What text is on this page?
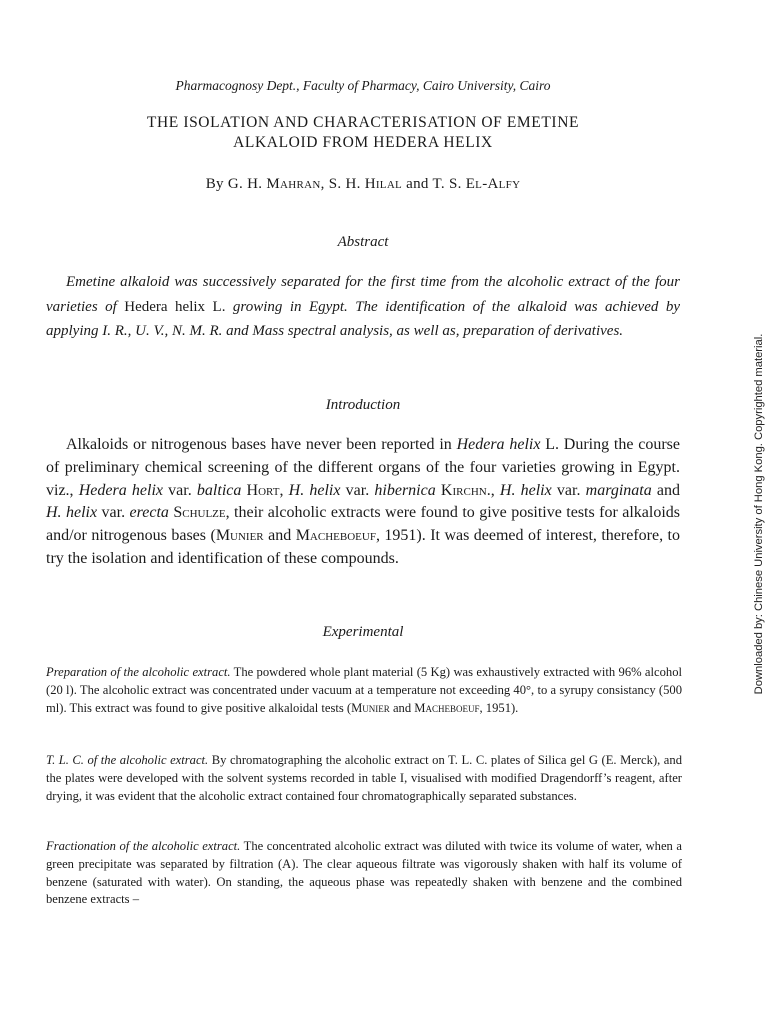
Pharmacognosy Dept., Faculty of Pharmacy, Cairo University, Cairo
THE ISOLATION AND CHARACTERISATION OF EMETINE
ALKALOID FROM HEDERA HELIX
By G. H. Mahran, S. H. Hilal and T. S. El-Alfy
Abstract

Emetine alkaloid was successively separated for the first time from the alcoholic extract of the four varieties of Hedera helix L. growing in Egypt. The identification of the alkaloid was achieved by applying I. R., U. V., N. M. R. and Mass spectral analysis, as well as, preparation of derivatives.

Introduction

Alkaloids or nitrogenous bases have never been reported in Hedera helix L. During the course of preliminary chemical screening of the different organs of the four varieties growing in Egypt. viz., Hedera helix var. baltica Hort, H. helix var. hibernica Kirchn., H. helix var. marginata and H. helix var. erecta Schulze, their alcoholic extracts were found to give positive tests for alkaloids and/or nitrogenous bases (Munier and Macheboeuf, 1951). It was deemed of interest, therefore, to try the isolation and identification of these compounds.

Experimental

Preparation of the alcoholic extract. The powdered whole plant material (5 Kg) was exhaustively extracted with 96% alcohol (20 l). The alcoholic extract was concentrated under vacuum at a temperature not exceeding 40°, to a syrupy consistancy (500 ml). This extract was found to give positive alkaloidal tests (Munier and Macheboeuf, 1951).

T. L. C. of the alcoholic extract. By chromatographing the alcoholic extract on T. L. C. plates of Silica gel G (E. Merck), and the plates were developed with the solvent systems recorded in table I, visualised with modified Dragendorff’s reagent, after drying, it was evident that the alcoholic extract contained four chromatographically separated substances.

Fractionation of the alcoholic extract. The concentrated alcoholic extract was diluted with twice its volume of water, when a green precipitate was separated by filtration (A). The clear aqueous filtrate was vigorously shaken with half its volume of benzene (saturated with water). On standing, the aqueous phase was repeatedly shaken with benzene and the combined benzene extracts –

Downloaded by: Chinese University of Hong Kong. Copyrighted material.
